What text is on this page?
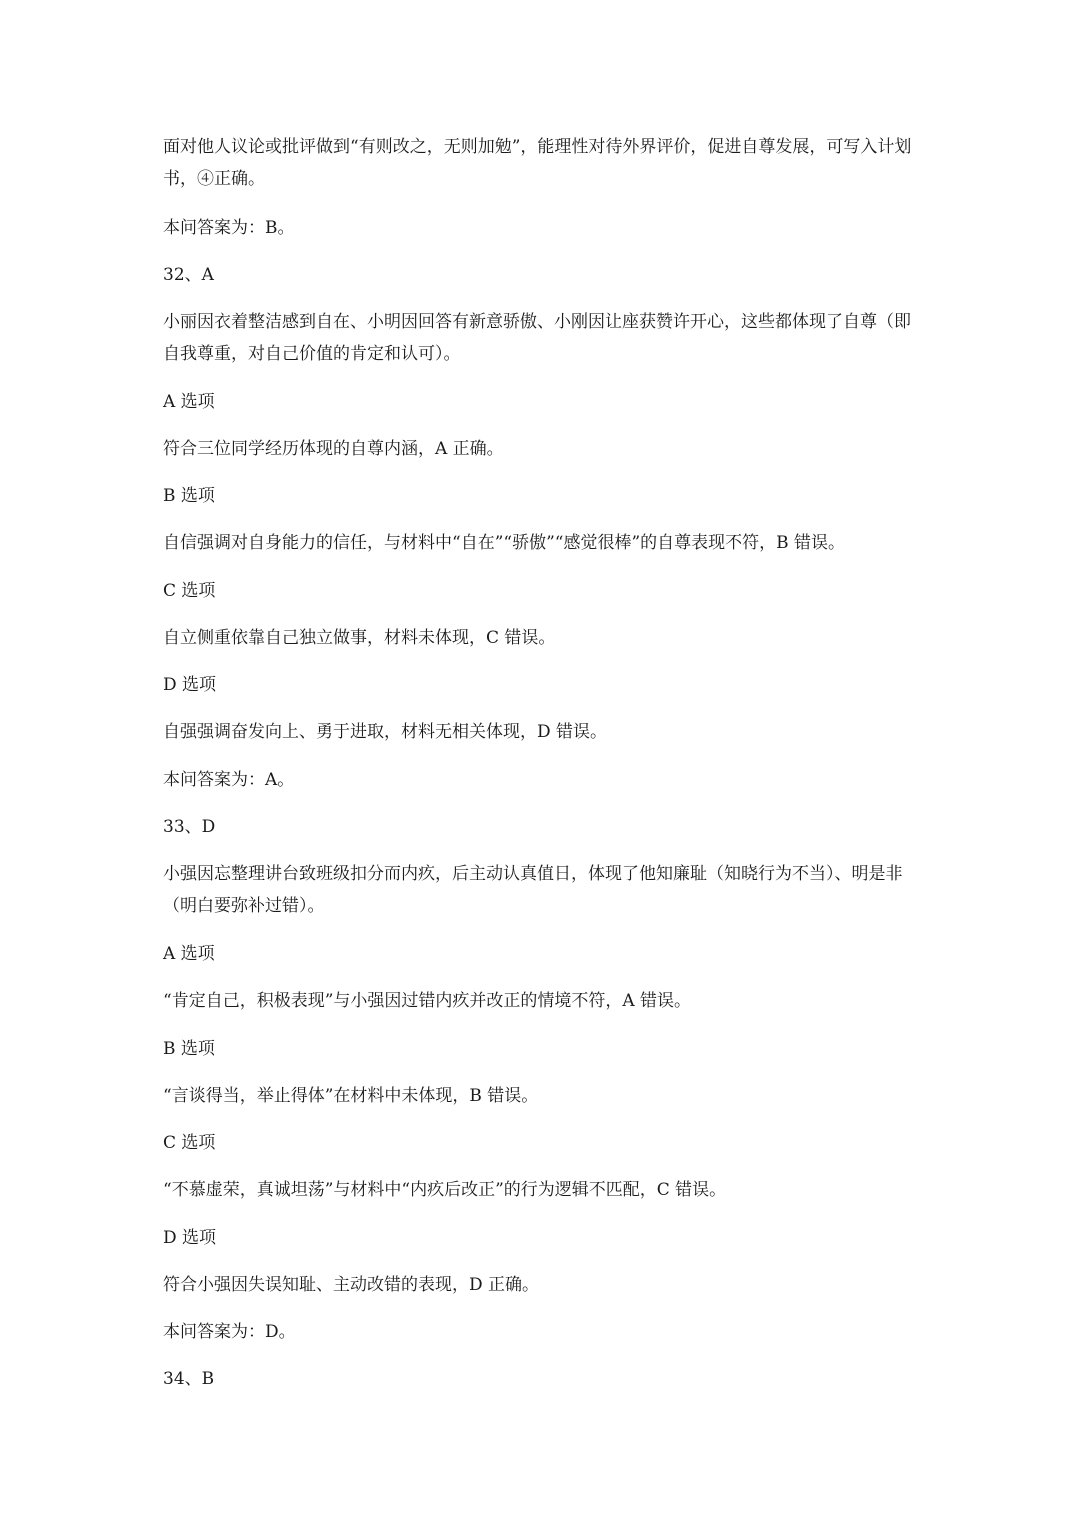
面对他人议论或批评做到“有则改之，无则加勉”，能理性对待外界评价，促进自尊发展，可写入计划书，④正确。

本问答案为：B。

32、A

小丽因衣着整洁感到自在、小明因回答有新意骄傲、小刚因让座获赞许开心，这些都体现了自尊（即自我尊重，对自己价值的肯定和认可）。

A 选项

符合三位同学经历体现的自尊内涵，A 正确。

B 选项

自信强调对自身能力的信任，与材料中“自在”“骄傲”“感觉很棒”的自尊表现不符，B 错误。

C 选项

自立侧重依靠自己独立做事，材料未体现，C 错误。

D 选项

自强强调奋发向上、勇于进取，材料无相关体现，D 错误。

本问答案为：A。

33、D

小强因忘整理讲台致班级扣分而内疚，后主动认真值日，体现了他知廉耻（知晓行为不当）、明是非（明白要弥补过错）。

A 选项

“肯定自己，积极表现”与小强因过错内疚并改正的情境不符，A 错误。

B 选项

“言谈得当，举止得体”在材料中未体现，B 错误。

C 选项

“不慕虚荣，真诚坦荡”与材料中“内疚后改正”的行为逻辑不匹配，C 错误。

D 选项

符合小强因失误知耻、主动改错的表现，D 正确。

本问答案为：D。

34、B
